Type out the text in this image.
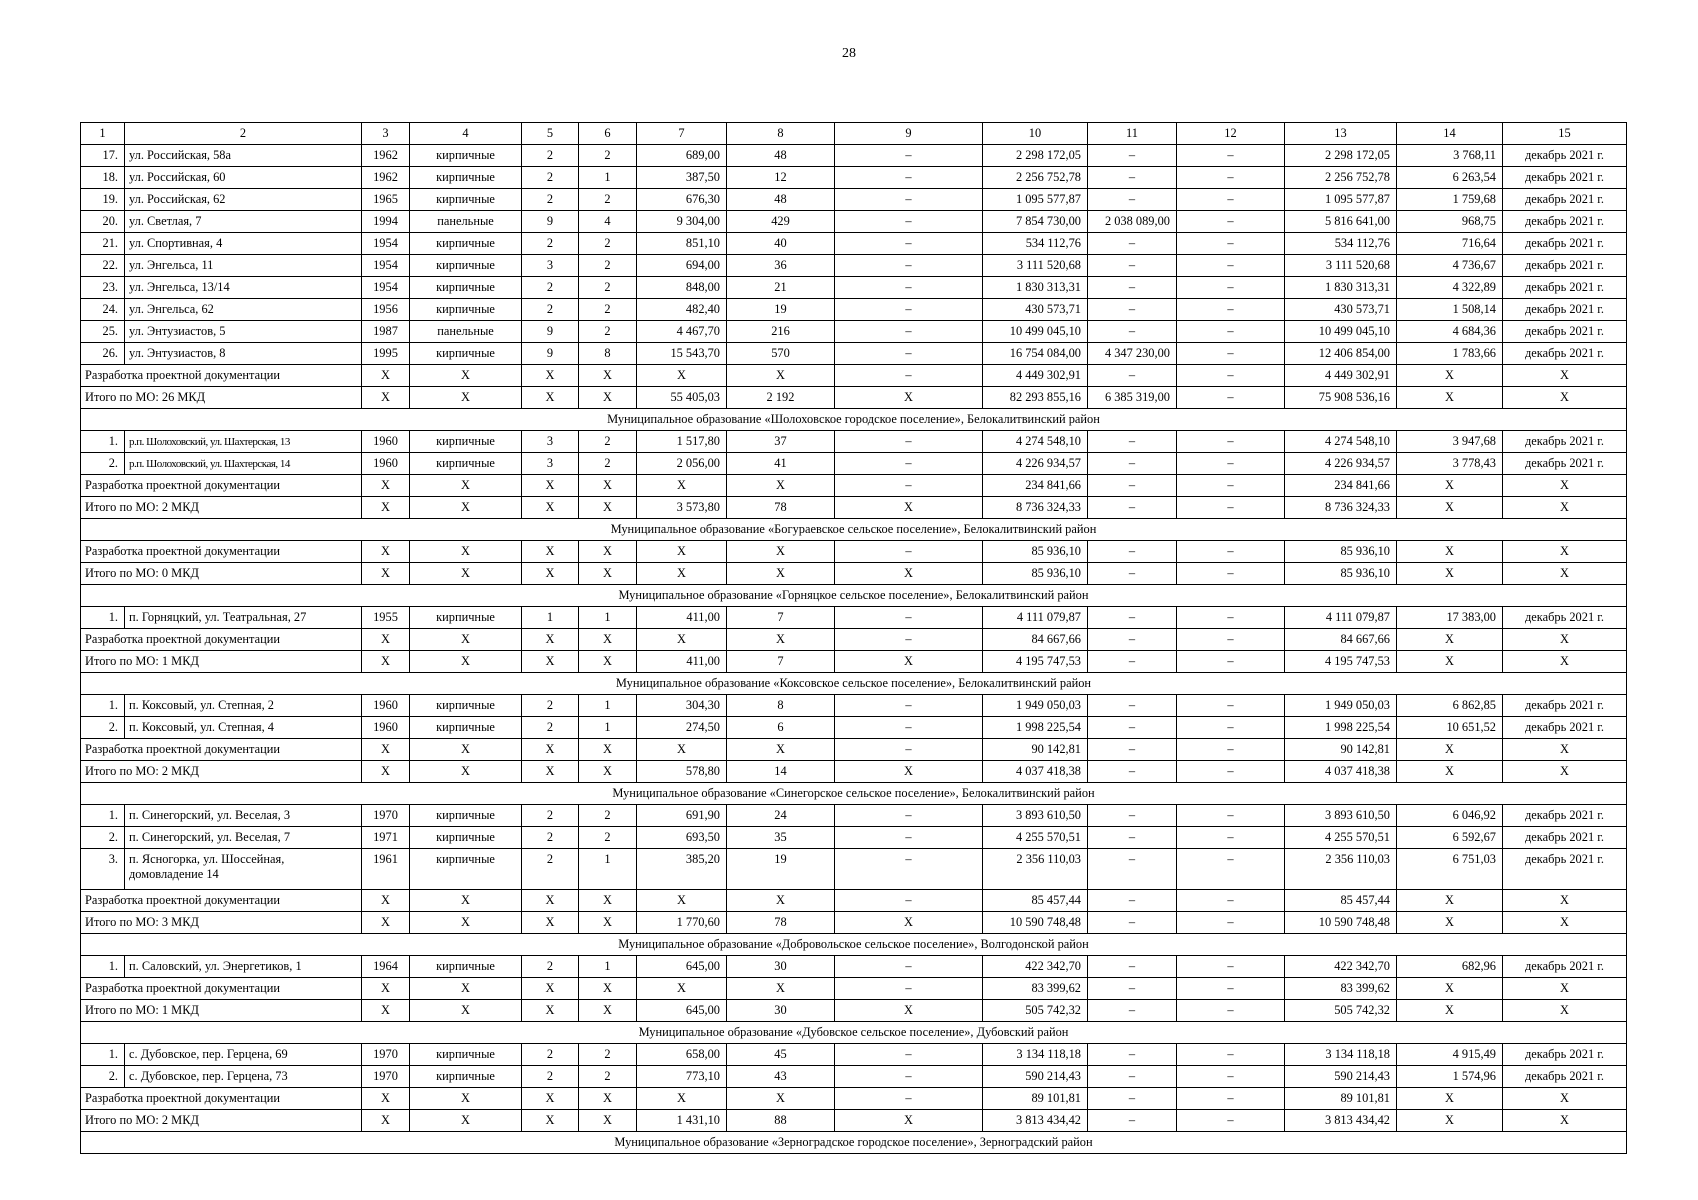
28
1	2	3	4	5	6	7	8	9	10	11	12	13	14	15
17.	ул. Российская, 58а	1962	кирпичные	2	2	689,00	48	–	2 298 172,05	–	–	2 298 172,05	3 768,11	декабрь 2021 г.
18.	ул. Российская, 60	1962	кирпичные	2	1	387,50	12	–	2 256 752,78	–	–	2 256 752,78	6 263,54	декабрь 2021 г.
19.	ул. Российская, 62	1965	кирпичные	2	2	676,30	48	–	1 095 577,87	–	–	1 095 577,87	1 759,68	декабрь 2021 г.
20.	ул. Светлая, 7	1994	панельные	9	4	9 304,00	429	–	7 854 730,00	2 038 089,00	–	5 816 641,00	968,75	декабрь 2021 г.
21.	ул. Спортивная, 4	1954	кирпичные	2	2	851,10	40	–	534 112,76	–	–	534 112,76	716,64	декабрь 2021 г.
22.	ул. Энгельса, 11	1954	кирпичные	3	2	694,00	36	–	3 111 520,68	–	–	3 111 520,68	4 736,67	декабрь 2021 г.
23.	ул. Энгельса, 13/14	1954	кирпичные	2	2	848,00	21	–	1 830 313,31	–	–	1 830 313,31	4 322,89	декабрь 2021 г.
24.	ул. Энгельса, 62	1956	кирпичные	2	2	482,40	19	–	430 573,71	–	–	430 573,71	1 508,14	декабрь 2021 г.
25.	ул. Энтузиастов, 5	1987	панельные	9	2	4 467,70	216	–	10 499 045,10	–	–	10 499 045,10	4 684,36	декабрь 2021 г.
26.	ул. Энтузиастов, 8	1995	кирпичные	9	8	15 543,70	570	–	16 754 084,00	4 347 230,00	–	12 406 854,00	1 783,66	декабрь 2021 г.
Разработка проектной документации		Х	Х	Х	Х	Х	Х	–	4 449 302,91	–	–	4 449 302,91	Х	Х
Итого по МО: 26 МКД		Х	Х	Х	Х	55 405,03	2 192	Х	82 293 855,16	6 385 319,00	–	75 908 536,16	Х	Х
Муниципальное образование «Шолоховское городское поселение», Белокалитвинский район														
1.	р.п. Шолоховский, ул. Шахтерская, 13	1960	кирпичные	3	2	1 517,80	37	–	4 274 548,10	–	–	4 274 548,10	3 947,68	декабрь 2021 г.
2.	р.п. Шолоховский, ул. Шахтерская, 14	1960	кирпичные	3	2	2 056,00	41	–	4 226 934,57	–	–	4 226 934,57	3 778,43	декабрь 2021 г.
Разработка проектной документации		Х	Х	Х	Х	Х	Х	–	234 841,66	–	–	234 841,66	Х	Х
Итого по МО: 2 МКД		Х	Х	Х	Х	3 573,80	78	Х	8 736 324,33	–	–	8 736 324,33	Х	Х
Муниципальное образование «Богураевское сельское поселение», Белокалитвинский район														
Разработка проектной документации		Х	Х	Х	Х	Х	Х	–	85 936,10	–	–	85 936,10	Х	Х
Итого по МО: 0 МКД		Х	Х	Х	Х	Х	Х	Х	85 936,10	–	–	85 936,10	Х	Х
Муниципальное образование «Горняцкое сельское поселение», Белокалитвинский район														
1.	п. Горняцкий, ул. Театральная, 27	1955	кирпичные	1	1	411,00	7	–	4 111 079,87	–	–	4 111 079,87	17 383,00	декабрь 2021 г.
Разработка проектной документации		Х	Х	Х	Х	Х	Х	–	84 667,66	–	–	84 667,66	Х	Х
Итого по МО: 1 МКД		Х	Х	Х	Х	411,00	7	Х	4 195 747,53	–	–	4 195 747,53	Х	Х
Муниципальное образование «Коксовское сельское поселение», Белокалитвинский район														
1.	п. Коксовый, ул. Степная, 2	1960	кирпичные	2	1	304,30	8	–	1 949 050,03	–	–	1 949 050,03	6 862,85	декабрь 2021 г.
2.	п. Коксовый, ул. Степная, 4	1960	кирпичные	2	1	274,50	6	–	1 998 225,54	–	–	1 998 225,54	10 651,52	декабрь 2021 г.
Разработка проектной документации		Х	Х	Х	Х	Х	Х	–	90 142,81	–	–	90 142,81	Х	Х
Итого по МО: 2 МКД		Х	Х	Х	Х	578,80	14	Х	4 037 418,38	–	–	4 037 418,38	Х	Х
Муниципальное образование «Синегорское сельское поселение», Белокалитвинский район														
1.	п. Синегорский, ул. Веселая, 3	1970	кирпичные	2	2	691,90	24	–	3 893 610,50	–	–	3 893 610,50	6 046,92	декабрь 2021 г.
2.	п. Синегорский, ул. Веселая, 7	1971	кирпичные	2	2	693,50	35	–	4 255 570,51	–	–	4 255 570,51	6 592,67	декабрь 2021 г.
3.	п. Ясногорка, ул. Шоссейная, домовладение 14	1961	кирпичные	2	1	385,20	19	–	2 356 110,03	–	–	2 356 110,03	6 751,03	декабрь 2021 г.
Разработка проектной документации		Х	Х	Х	Х	Х	Х	–	85 457,44	–	–	85 457,44	Х	Х
Итого по МО: 3 МКД		Х	Х	Х	Х	1 770,60	78	Х	10 590 748,48	–	–	10 590 748,48	Х	Х
Муниципальное образование «Добровольское сельское поселение», Волгодонской район														
1.	п. Саловский, ул. Энергетиков, 1	1964	кирпичные	2	1	645,00	30	–	422 342,70	–	–	422 342,70	682,96	декабрь 2021 г.
Разработка проектной документации		Х	Х	Х	Х	Х	Х	–	83 399,62	–	–	83 399,62	Х	Х
Итого по МО: 1 МКД		Х	Х	Х	Х	645,00	30	Х	505 742,32	–	–	505 742,32	Х	Х
Муниципальное образование «Дубовское сельское поселение», Дубовский район														
1.	с. Дубовское, пер. Герцена, 69	1970	кирпичные	2	2	658,00	45	–	3 134 118,18	–	–	3 134 118,18	4 915,49	декабрь 2021 г.
2.	с. Дубовское, пер. Герцена, 73	1970	кирпичные	2	2	773,10	43	–	590 214,43	–	–	590 214,43	1 574,96	декабрь 2021 г.
Разработка проектной документации		Х	Х	Х	Х	Х	Х	–	89 101,81	–	–	89 101,81	Х	Х
Итого по МО: 2 МКД		Х	Х	Х	Х	1 431,10	88	Х	3 813 434,42	–	–	3 813 434,42	Х	Х
Муниципальное образование «Зерноградское городское поселение», Зерноградский район														
